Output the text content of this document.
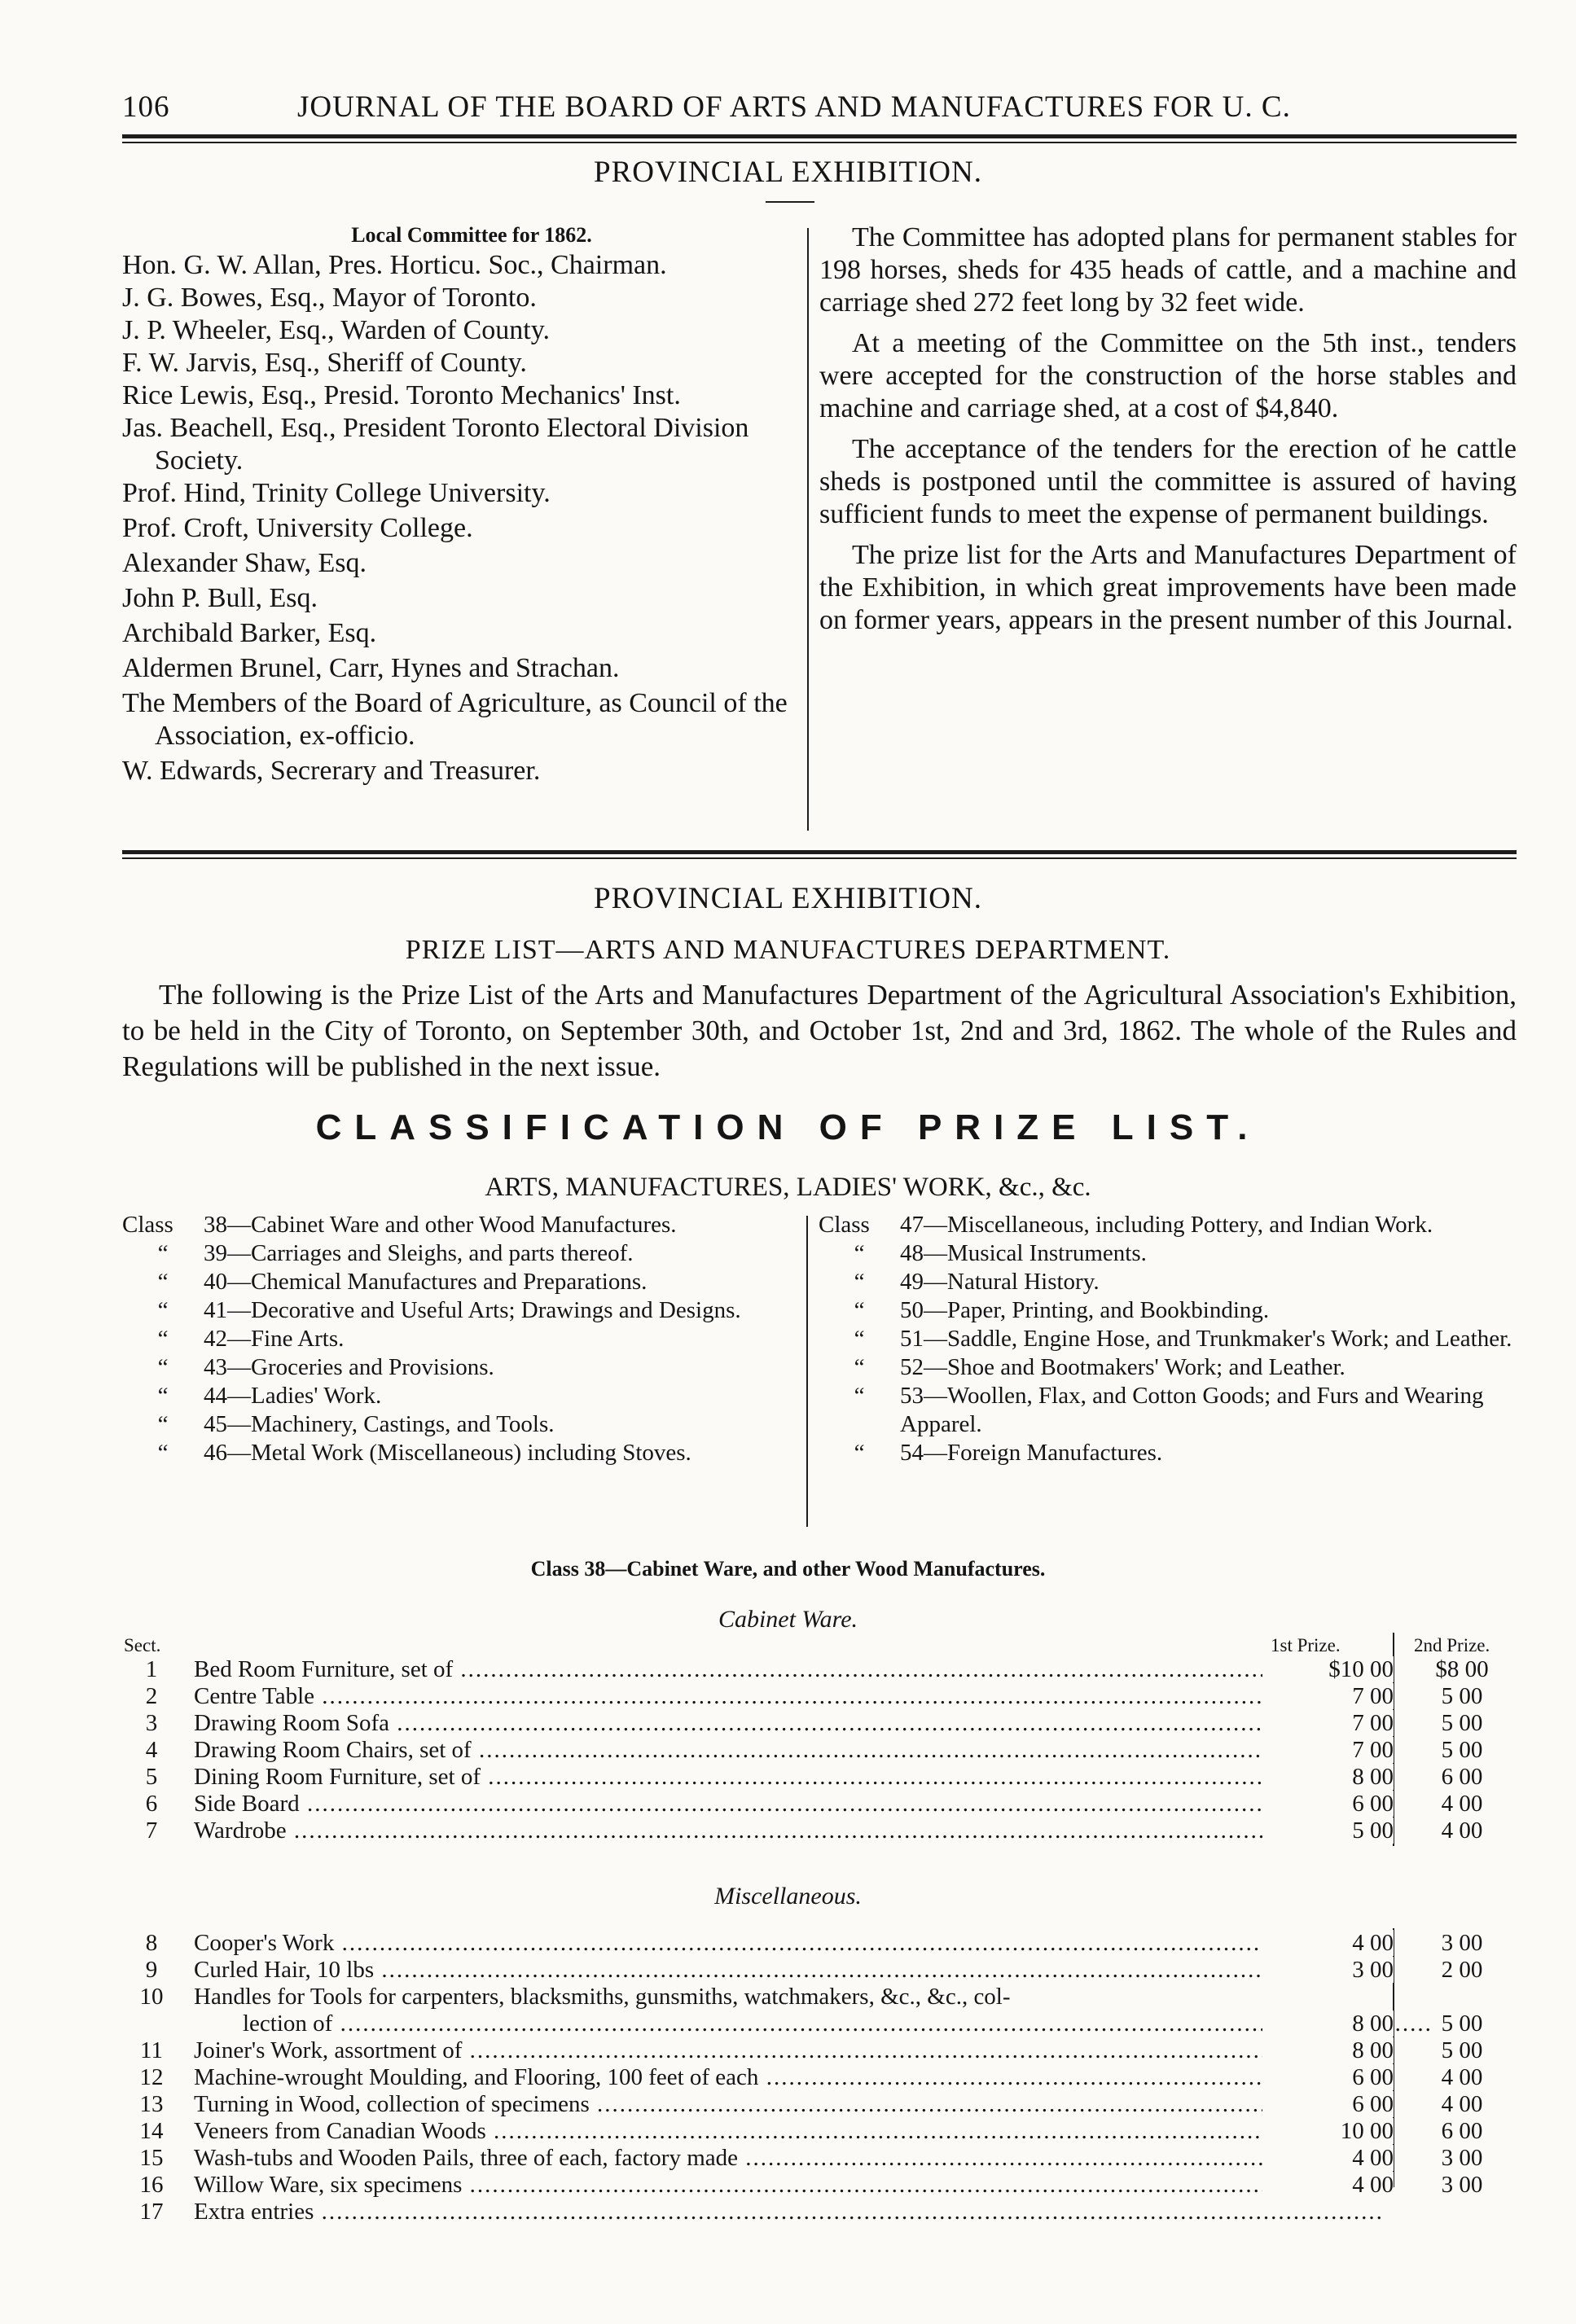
106	JOURNAL OF THE BOARD OF ARTS AND MANUFACTURES FOR U. C.
PROVINCIAL EXHIBITION.

Local Committee for 1862.

Hon. G. W. Allan, Pres. Horticu. Soc., Chairman.

J. G. Bowes, Esq., Mayor of Toronto.

J. P. Wheeler, Esq., Warden of County.

F. W. Jarvis, Esq., Sheriff of County.

Rice Lewis, Esq., Presid. Toronto Mechanics' Inst.

Jas. Beachell, Esq., President Toronto Electoral Division Society.

Prof. Hind, Trinity College University.

Prof. Croft, University College.

Alexander Shaw, Esq.

John P. Bull, Esq.

Archibald Barker, Esq.

Aldermen Brunel, Carr, Hynes and Strachan.

The Members of the Board of Agriculture, as Council of the Association, ex-officio.

W. Edwards, Secrerary and Treasurer.

The Committee has adopted plans for permanent stables for 198 horses, sheds for 435 heads of cattle, and a machine and carriage shed 272 feet long by 32 feet wide.

At a meeting of the Committee on the 5th inst., tenders were accepted for the construction of the horse stables and machine and carriage shed, at a cost of $4,840.

The acceptance of the tenders for the erection of he cattle sheds is postponed until the committee is assured of having sufficient funds to meet the expense of permanent buildings.

The prize list for the Arts and Manufactures Department of the Exhibition, in which great improvements have been made on former years, appears in the present number of this Journal.

PROVINCIAL EXHIBITION.
PRIZE LIST—ARTS AND MANUFACTURES DEPARTMENT.
The following is the Prize List of the Arts and Manufactures Department of the Agricultural Association's Exhibition, to be held in the City of Toronto, on September 30th, and October 1st, 2nd and 3rd, 1862. The whole of the Rules and Regulations will be published in the next issue.
CLASSIFICATION OF PRIZE LIST.
ARTS, MANUFACTURES, LADIES' WORK, &c., &c.
Class	38—Cabinet Ware and other Wood Manufactures.
“	39—Carriages and Sleighs, and parts thereof.
“	40—Chemical Manufactures and Preparations.
“	41—Decorative and Useful Arts; Drawings and Designs.
“	42—Fine Arts.
“	43—Groceries and Provisions.
“	44—Ladies' Work.
“	45—Machinery, Castings, and Tools.
“	46—Metal Work (Miscellaneous) including Stoves.
Class	47—Miscellaneous, including Pottery, and Indian Work.
“	48—Musical Instruments.
“	49—Natural History.
“	50—Paper, Printing, and Bookbinding.
“	51—Saddle, Engine Hose, and Trunkmaker's Work; and Leather.
“	52—Shoe and Bootmakers' Work; and Leather.
“	53—Woollen, Flax, and Cotton Goods; and Furs and Wearing Apparel.
“	54—Foreign Manufactures.
Class 38—Cabinet Ware, and other Wood Manufactures.
Cabinet Ware.
Sect.	1st Prize.	2nd Prize.
1	Bed Room Furniture, set of .....	$10 00	$8 00
2	Centre Table .....	7 00	5 00
3	Drawing Room Sofa .....	7 00	5 00
4	Drawing Room Chairs, set of .....	7 00	5 00
5	Dining Room Furniture, set of .....	8 00	6 00
6	Side Board .....	6 00	4 00
7	Wardrobe .....	5 00	4 00
Miscellaneous.
8	Cooper's Work .....	4 00	3 00
9	Curled Hair, 10 lbs .....	3 00	2 00
10	Handles for Tools for carpenters, blacksmiths, gunsmiths, watchmakers, &c., &c., col-
lection of .....	8 00	5 00
11	Joiner's Work, assortment of .....	8 00	5 00
12	Machine-wrought Moulding, and Flooring, 100 feet of each .....	6 00	4 00
13	Turning in Wood, collection of specimens .....	6 00	4 00
14	Veneers from Canadian Woods .....	10 00	6 00
15	Wash-tubs and Wooden Pails, three of each, factory made .....	4 00	3 00
16	Willow Ware, six specimens .....	4 00	3 00
17	Extra entries .....
